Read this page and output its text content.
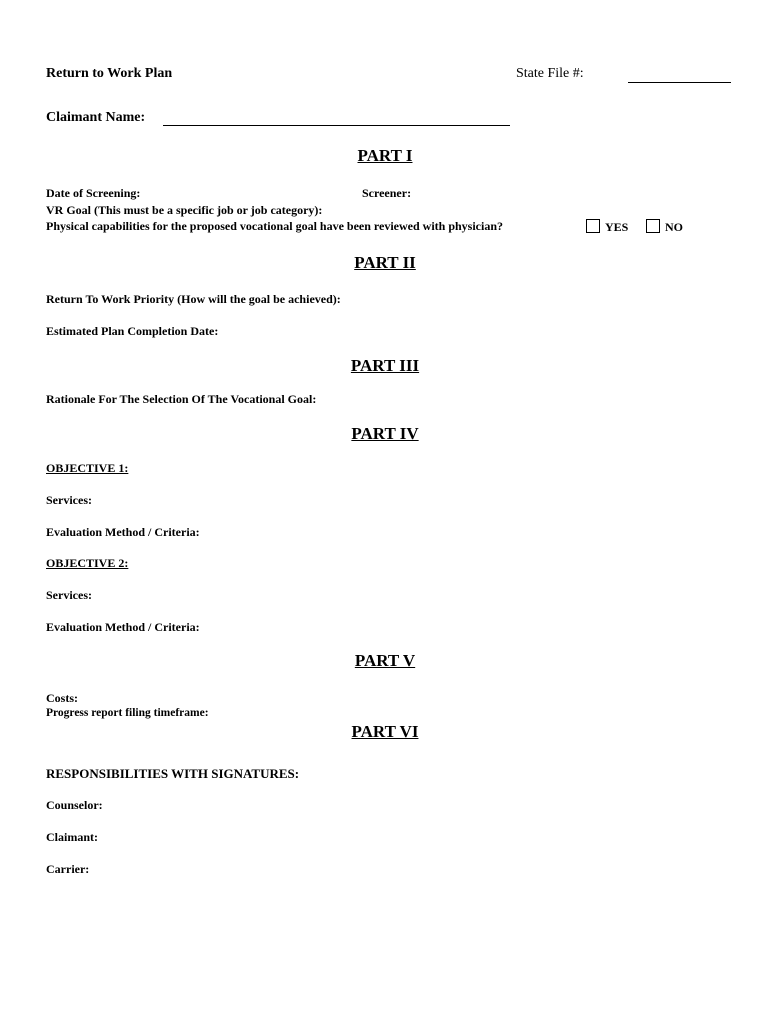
Return to Work Plan	State File #:
Claimant Name:
PART I
Date of Screening:	Screener:
VR Goal (This must be a specific job or job category):
Physical capabilities for the proposed vocational goal have been reviewed with physician?	YES	NO
PART II
Return To Work Priority (How will the goal be achieved):
Estimated Plan Completion Date:
PART III
Rationale For The Selection Of The Vocational Goal:
PART IV
OBJECTIVE 1:
Services:
Evaluation Method / Criteria:
OBJECTIVE 2:
Services:
Evaluation Method / Criteria:
PART V
Costs:
Progress report filing timeframe:
PART VI
RESPONSIBILITIES WITH SIGNATURES:
Counselor:
Claimant:
Carrier:
